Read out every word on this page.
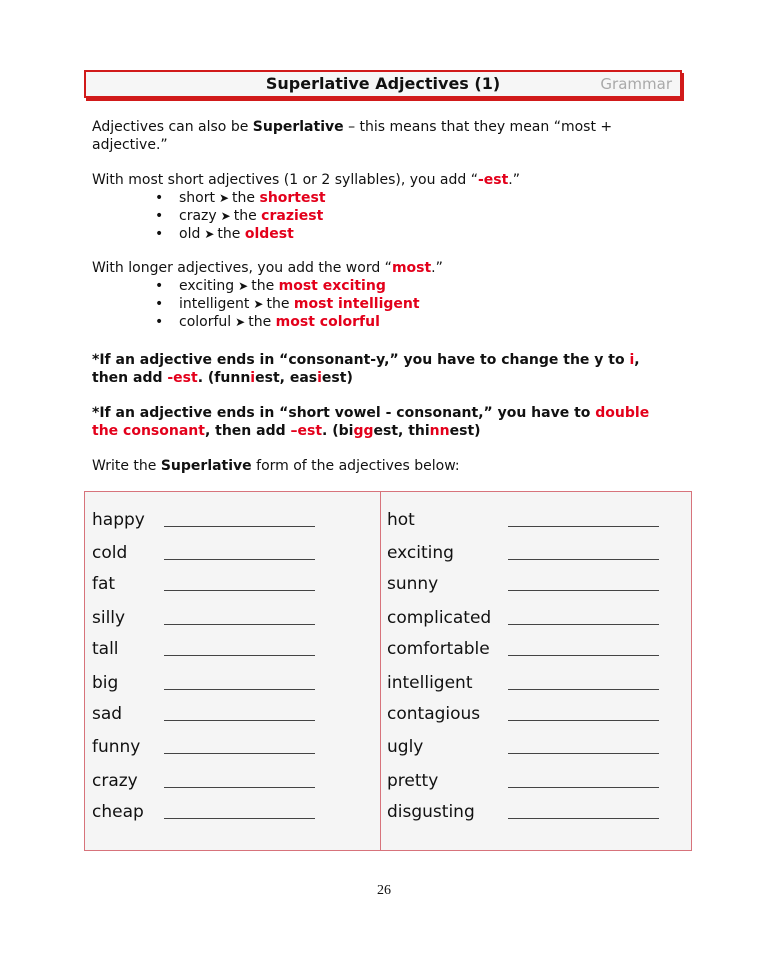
Superlative Adjectives (1)	Grammar
Adjectives can also be Superlative – this means that they mean “most +
adjective.”
With most short adjectives (1 or 2 syllables), you add “-est.”
• short ➤ the shortest
• crazy ➤ the craziest
• old ➤ the oldest
With longer adjectives, you add the word “most.”
• exciting ➤ the most exciting
• intelligent ➤ the most intelligent
• colorful ➤ the most colorful
*If an adjective ends in “consonant-y,” you have to change the y to i,
then add -est. (funniest, easiest)
*If an adjective ends in “short vowel - consonant,” you have to double
the consonant, then add –est. (biggest, thinnest)
Write the Superlative form of the adjectives below:
happy
cold
fat
silly
tall
big
sad
funny
crazy
cheap
hot
exciting
sunny
complicated
comfortable
intelligent
contagious
ugly
pretty
disgusting
26
